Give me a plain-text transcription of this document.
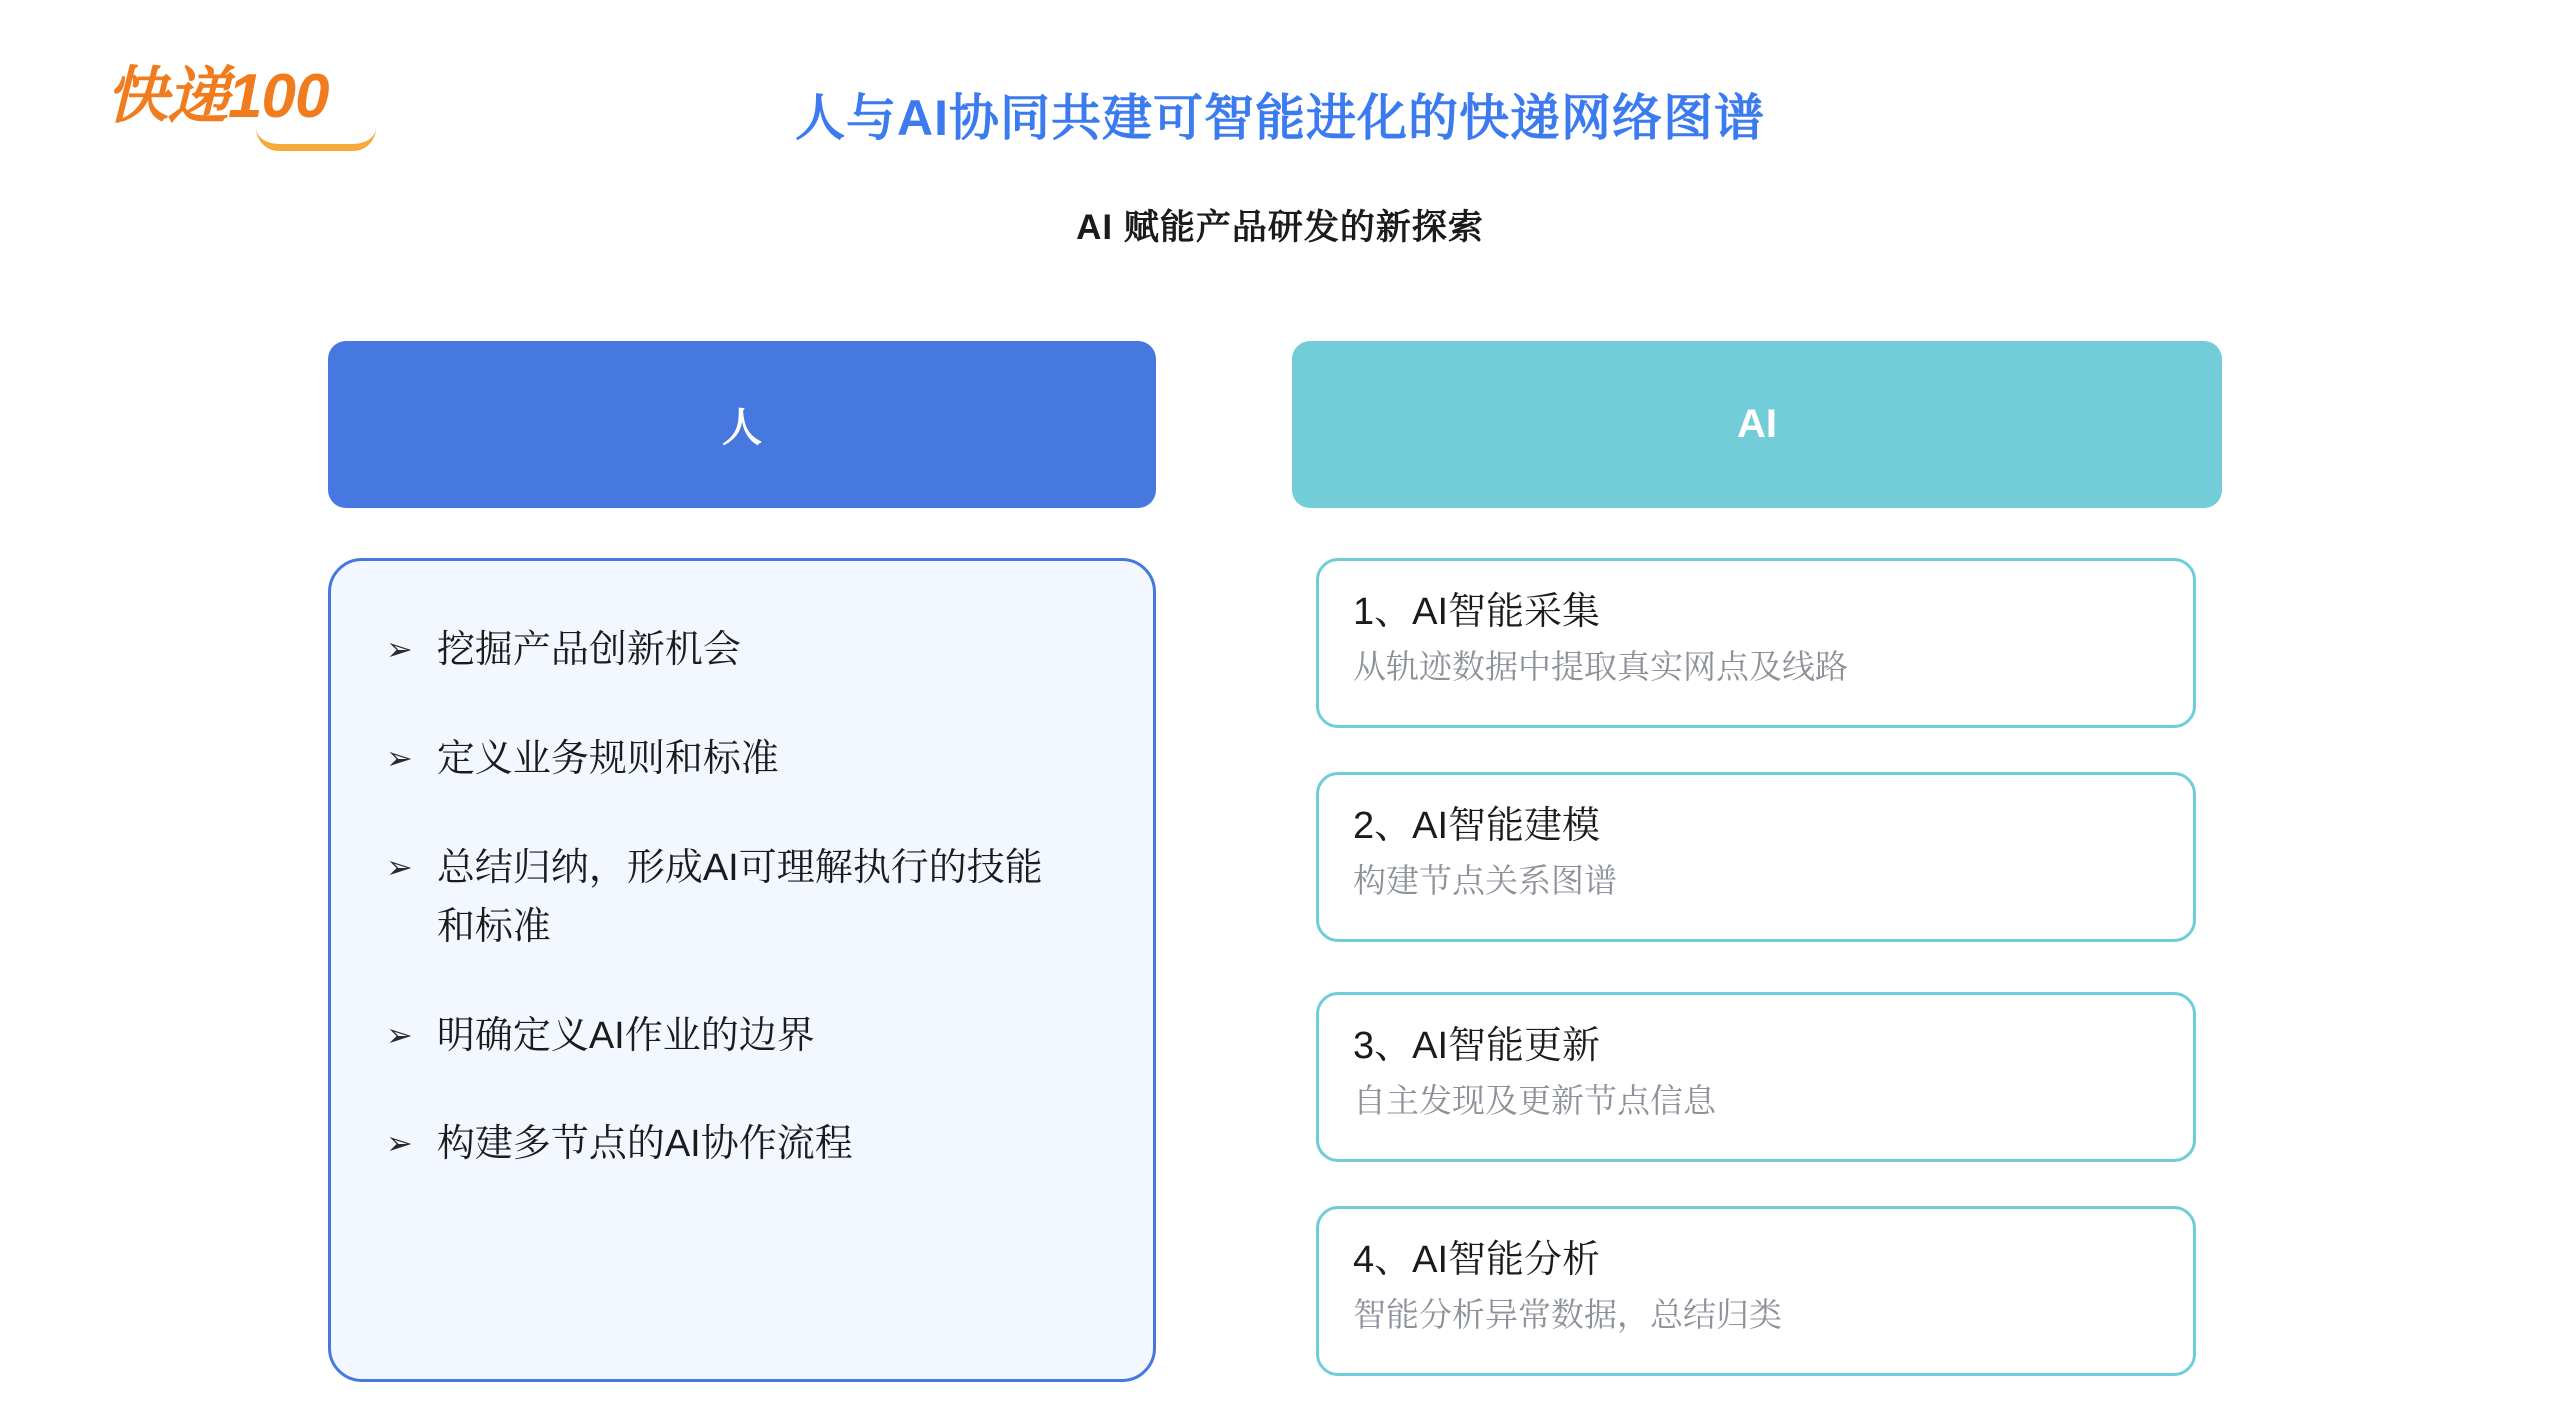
快递100	人与AI协同共建可智能进化的快递网络图谱
AI 赋能产品研发的新探索
人	AI
➢ 挖掘产品创新机会
➢ 定义业务规则和标准
➢ 总结归纳，形成AI可理解执行的技能和标准
➢ 明确定义AI作业的边界
➢ 构建多节点的AI协作流程
1、AI智能采集
从轨迹数据中提取真实网点及线路
2、AI智能建模
构建节点关系图谱
3、AI智能更新
自主发现及更新节点信息
4、AI智能分析
智能分析异常数据，总结归类
